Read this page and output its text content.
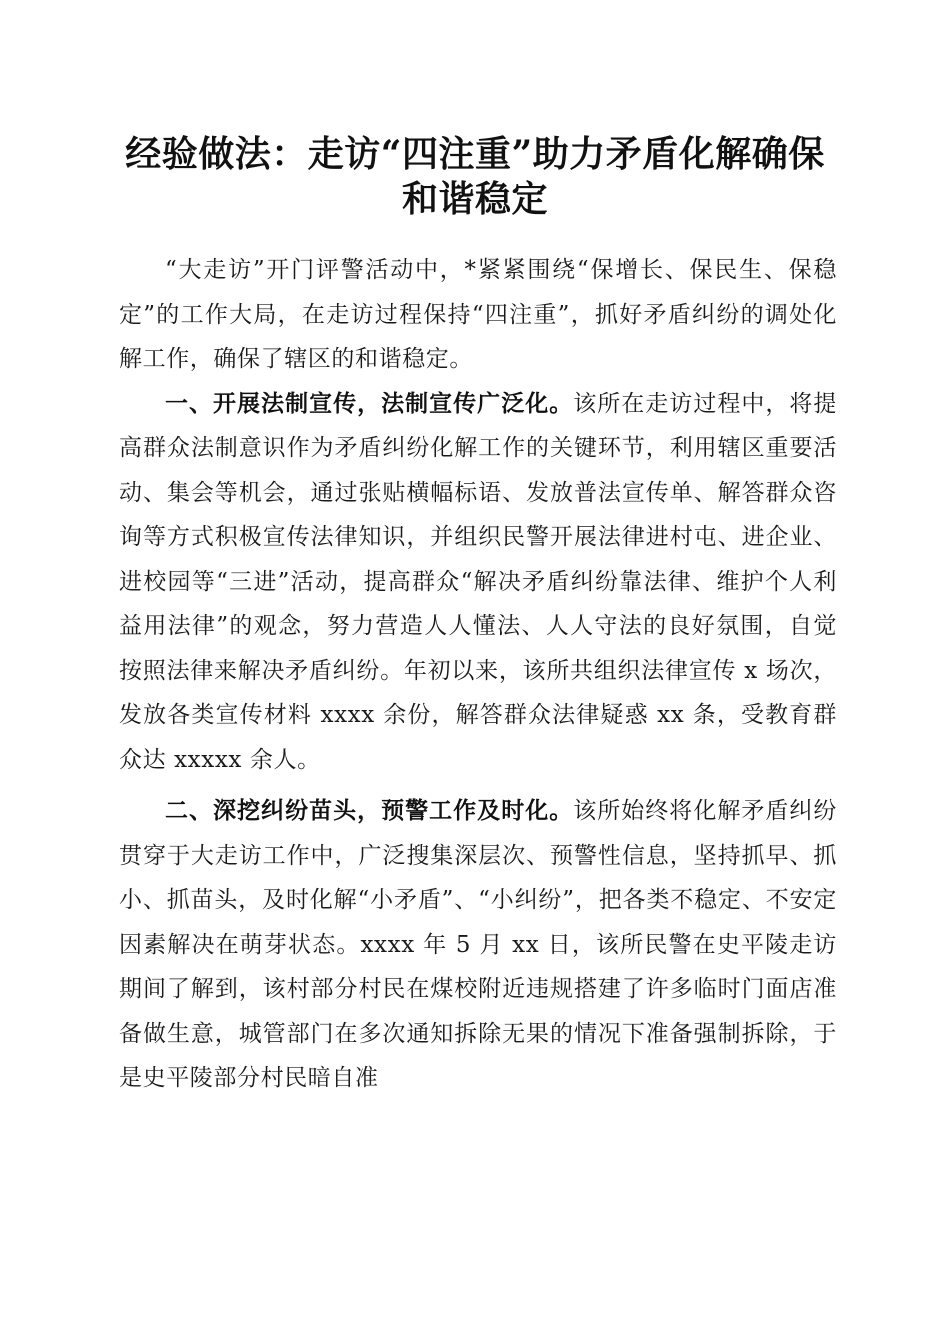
经验做法：走访“四注重”助力矛盾化解确保
和谐稳定

“大走访”开门评警活动中，*紧紧围绕“保增长、保民生、保稳定”的工作大局，在走访过程保持“四注重”，抓好矛盾纠纷的调处化解工作，确保了辖区的和谐稳定。

一、开展法制宣传，法制宣传广泛化。该所在走访过程中，将提高群众法制意识作为矛盾纠纷化解工作的关键环节，利用辖区重要活动、集会等机会，通过张贴横幅标语、发放普法宣传单、解答群众咨询等方式积极宣传法律知识，并组织民警开展法律进村屯、进企业、进校园等“三进”活动，提高群众“解决矛盾纠纷靠法律、维护个人利益用法律”的观念，努力营造人人懂法、人人守法的良好氛围，自觉按照法律来解决矛盾纠纷。年初以来，该所共组织法律宣传 x 场次，发放各类宣传材料 xxxx 余份，解答群众法律疑惑 xx 条，受教育群众达 xxxxx 余人。

二、深挖纠纷苗头，预警工作及时化。该所始终将化解矛盾纠纷贯穿于大走访工作中，广泛搜集深层次、预警性信息，坚持抓早、抓小、抓苗头，及时化解“小矛盾”、“小纠纷”，把各类不稳定、不安定因素解决在萌芽状态。xxxx 年 5 月 xx 日，该所民警在史平陵走访期间了解到，该村部分村民在煤校附近违规搭建了许多临时门面店准备做生意，城管部门在多次通知拆除无果的情况下准备强制拆除，于是史平陵部分村民暗自准
